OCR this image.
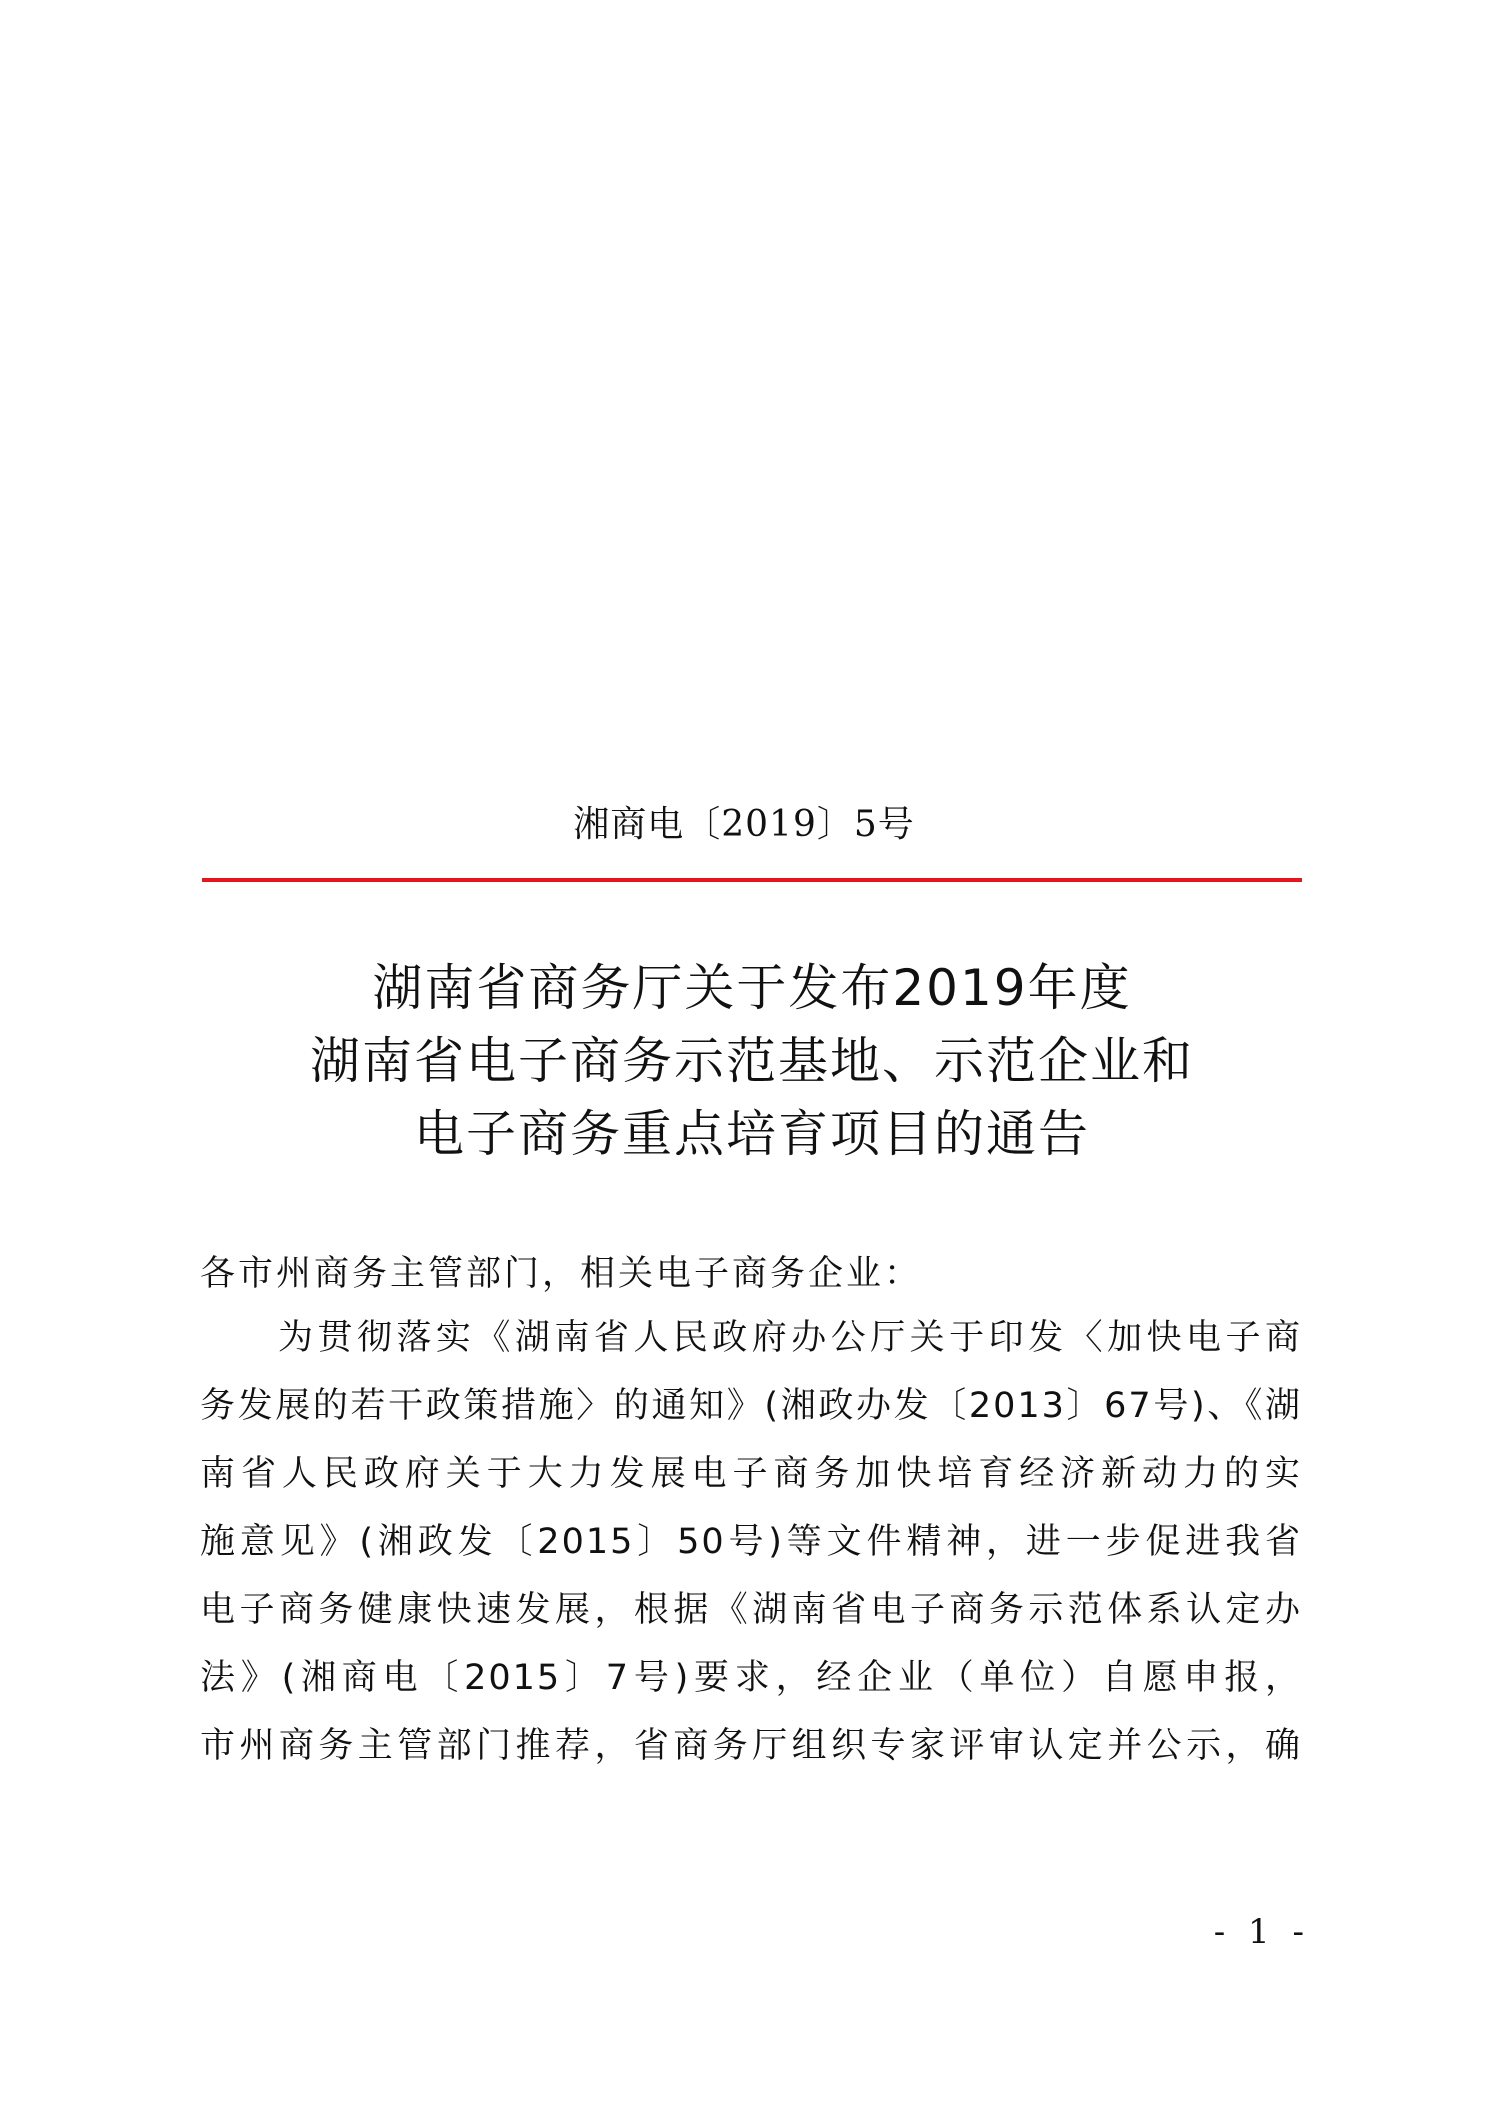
湘商电〔2019〕5号
湖南省商务厅关于发布2019年度
湖南省电子商务示范基地、示范企业和
电子商务重点培育项目的通告
各市州商务主管部门，相关电子商务企业：
为贯彻落实《湖南省人民政府办公厅关于印发〈加快电子商
务发展的若干政策措施〉的通知》(湘政办发〔2013〕67号)、《湖
南省人民政府关于大力发展电子商务加快培育经济新动力的实
施意见》(湘政发〔2015〕50号)等文件精神，进一步促进我省
电子商务健康快速发展，根据《湖南省电子商务示范体系认定办
法》(湘商电〔2015〕7号)要求，经企业（单位）自愿申报，
市州商务主管部门推荐，省商务厅组织专家评审认定并公示，确
- 1 -
